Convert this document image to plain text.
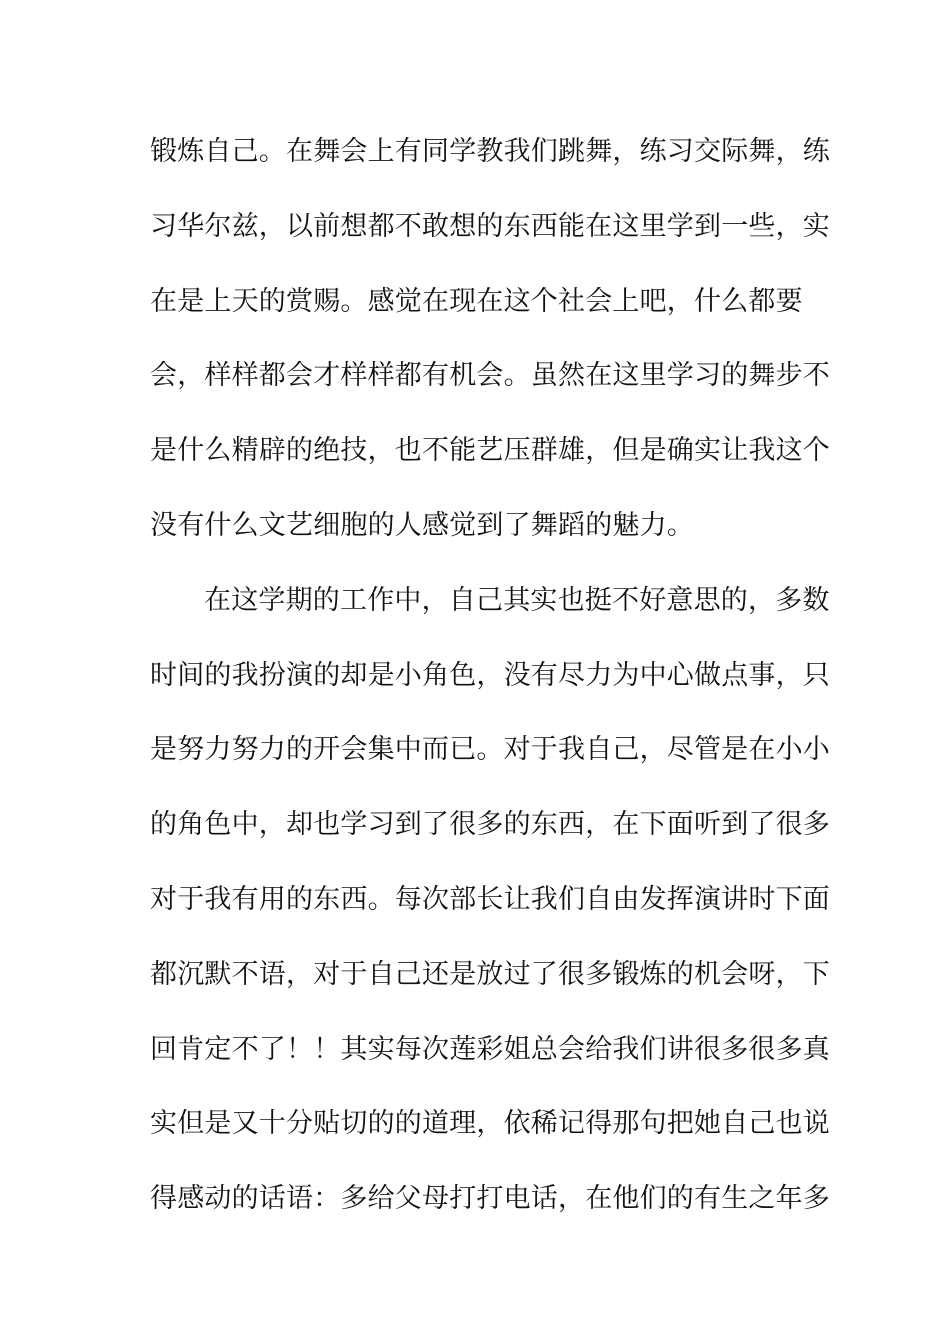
锻炼自己。在舞会上有同学教我们跳舞，练习交际舞，练
习华尔兹，以前想都不敢想的东西能在这里学到一些，实
在是上天的赏赐。感觉在现在这个社会上吧，什么都要
会，样样都会才样样都有机会。虽然在这里学习的舞步不
是什么精辟的绝技，也不能艺压群雄，但是确实让我这个
没有什么文艺细胞的人感觉到了舞蹈的魅力。
在这学期的工作中，自己其实也挺不好意思的，多数
时间的我扮演的却是小角色，没有尽力为中心做点事，只
是努力努力的开会集中而已。对于我自己，尽管是在小小
的角色中，却也学习到了很多的东西，在下面听到了很多
对于我有用的东西。每次部长让我们自由发挥演讲时下面
都沉默不语，对于自己还是放过了很多锻炼的机会呀，下
回肯定不了！！其实每次莲彩姐总会给我们讲很多很多真
实但是又十分贴切的的道理，依稀记得那句把她自己也说
得感动的话语：多给父母打打电话，在他们的有生之年多
